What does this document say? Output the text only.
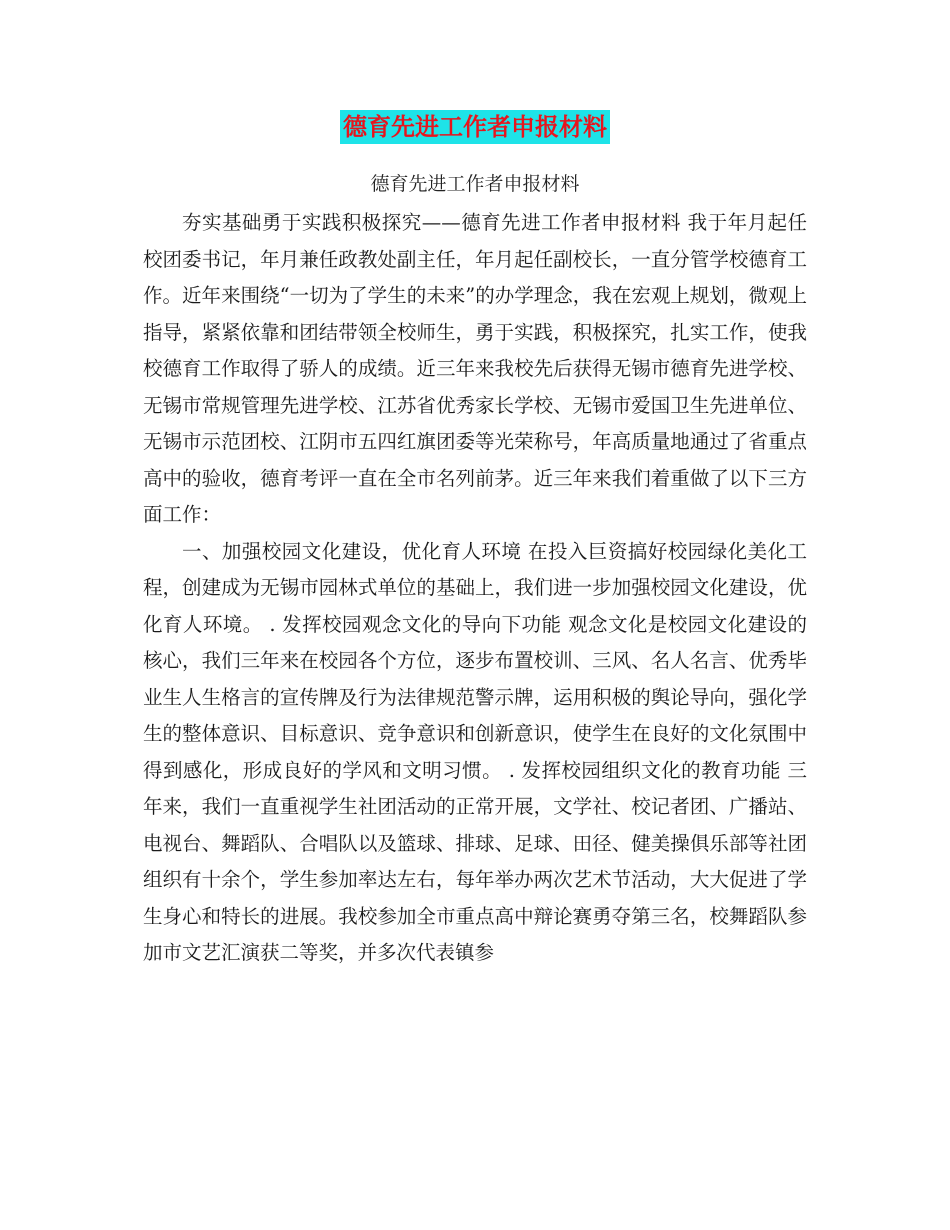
德育先进工作者申报材料
德育先进工作者申报材料

夯实基础勇于实践积极探究——德育先进工作者申报材料 我于年月起任校团委书记，年月兼任政教处副主任，年月起任副校长，一直分管学校德育工作。近年来围绕“一切为了学生的未来”的办学理念，我在宏观上规划，微观上指导，紧紧依靠和团结带领全校师生，勇于实践，积极探究，扎实工作，使我校德育工作取得了骄人的成绩。近三年来我校先后获得无锡市德育先进学校、无锡市常规管理先进学校、江苏省优秀家长学校、无锡市爱国卫生先进单位、无锡市示范团校、江阴市五四红旗团委等光荣称号，年高质量地通过了省重点高中的验收，德育考评一直在全市名列前茅。近三年来我们着重做了以下三方面工作：

一、加强校园文化建设，优化育人环境 在投入巨资搞好校园绿化美化工程，创建成为无锡市园林式单位的基础上，我们进一步加强校园文化建设，优化育人环境。 . 发挥校园观念文化的导向下功能 观念文化是校园文化建设的核心，我们三年来在校园各个方位，逐步布置校训、三风、名人名言、优秀毕业生人生格言的宣传牌及行为法律规范警示牌，运用积极的舆论导向，强化学生的整体意识、目标意识、竞争意识和创新意识，使学生在良好的文化氛围中得到感化，形成良好的学风和文明习惯。 . 发挥校园组织文化的教育功能 三年来，我们一直重视学生社团活动的正常开展，文学社、校记者团、广播站、电视台、舞蹈队、合唱队以及篮球、排球、足球、田径、健美操俱乐部等社团组织有十余个，学生参加率达左右，每年举办两次艺术节活动，大大促进了学生身心和特长的进展。我校参加全市重点高中辩论赛勇夺第三名，校舞蹈队参加市文艺汇演获二等奖，并多次代表镇参
